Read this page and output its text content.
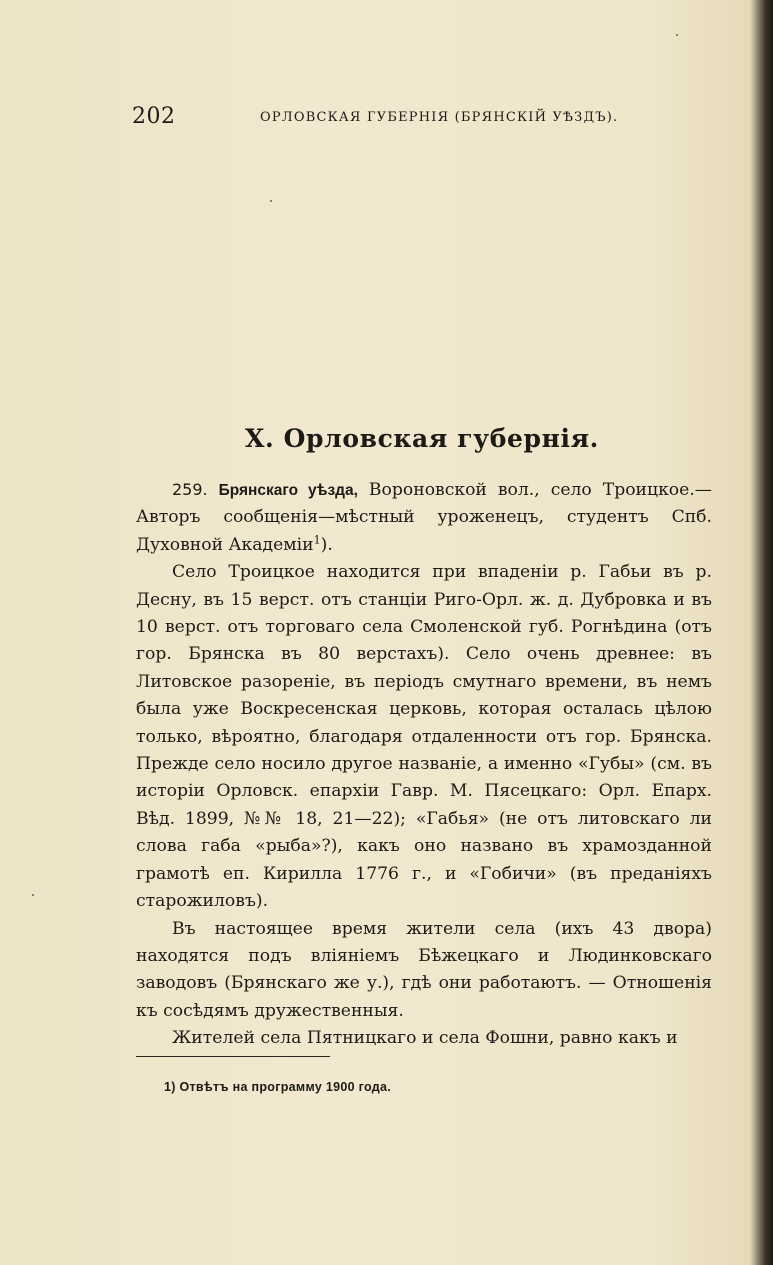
202	ОРЛОВСКАЯ ГУБЕРНІЯ (БРЯНСКІЙ УѢЗДЪ).
X. Орловская губернія.

259. Брянскаго уѣзда, Вороновской вол., село Троицкое.— Авторъ сообщенія—мѣстный уроженецъ, студентъ Спб. Духовной Академіи$^1$).

Село Троицкое находится при впаденіи р. Габьи въ р. Десну, въ 15 верст. отъ станціи Риго-Орл. ж. д. Дубровка и въ 10 верст. отъ торговаго села Смоленской губ. Рогнѣдина (отъ гор. Брянска въ 80 верстахъ). Село очень древнее: въ Литовское разореніе, въ періодъ смутнаго времени, въ немъ была уже Воскресенская церковь, которая осталась цѣлою только, вѣроятно, благодаря отдаленности отъ гор. Брянска. Прежде село носило другое названіе, а именно «Губы» (см. въ исторіи Орловск. епархіи Гавр. М. Пясецкаго: Орл. Епарх. Вѣд. 1899, №№ 18, 21—22); «Габья» (не отъ литовскаго ли слова габа «рыба»?), какъ оно названо въ храмозданной грамотѣ еп. Кирилла 1776 г., и «Гобичи» (въ преданіяхъ старожиловъ).

Въ настоящее время жители села (ихъ 43 двора) находятся подъ вліяніемъ Бѣжецкаго и Людинковскаго заводовъ (Брянскаго же у.), гдѣ они работаютъ. — Отношенія къ сосѣдямъ дружественныя.

Жителей села Пятницкаго и села Фошни, равно какъ и

1) Отвѣтъ на программу 1900 года.
